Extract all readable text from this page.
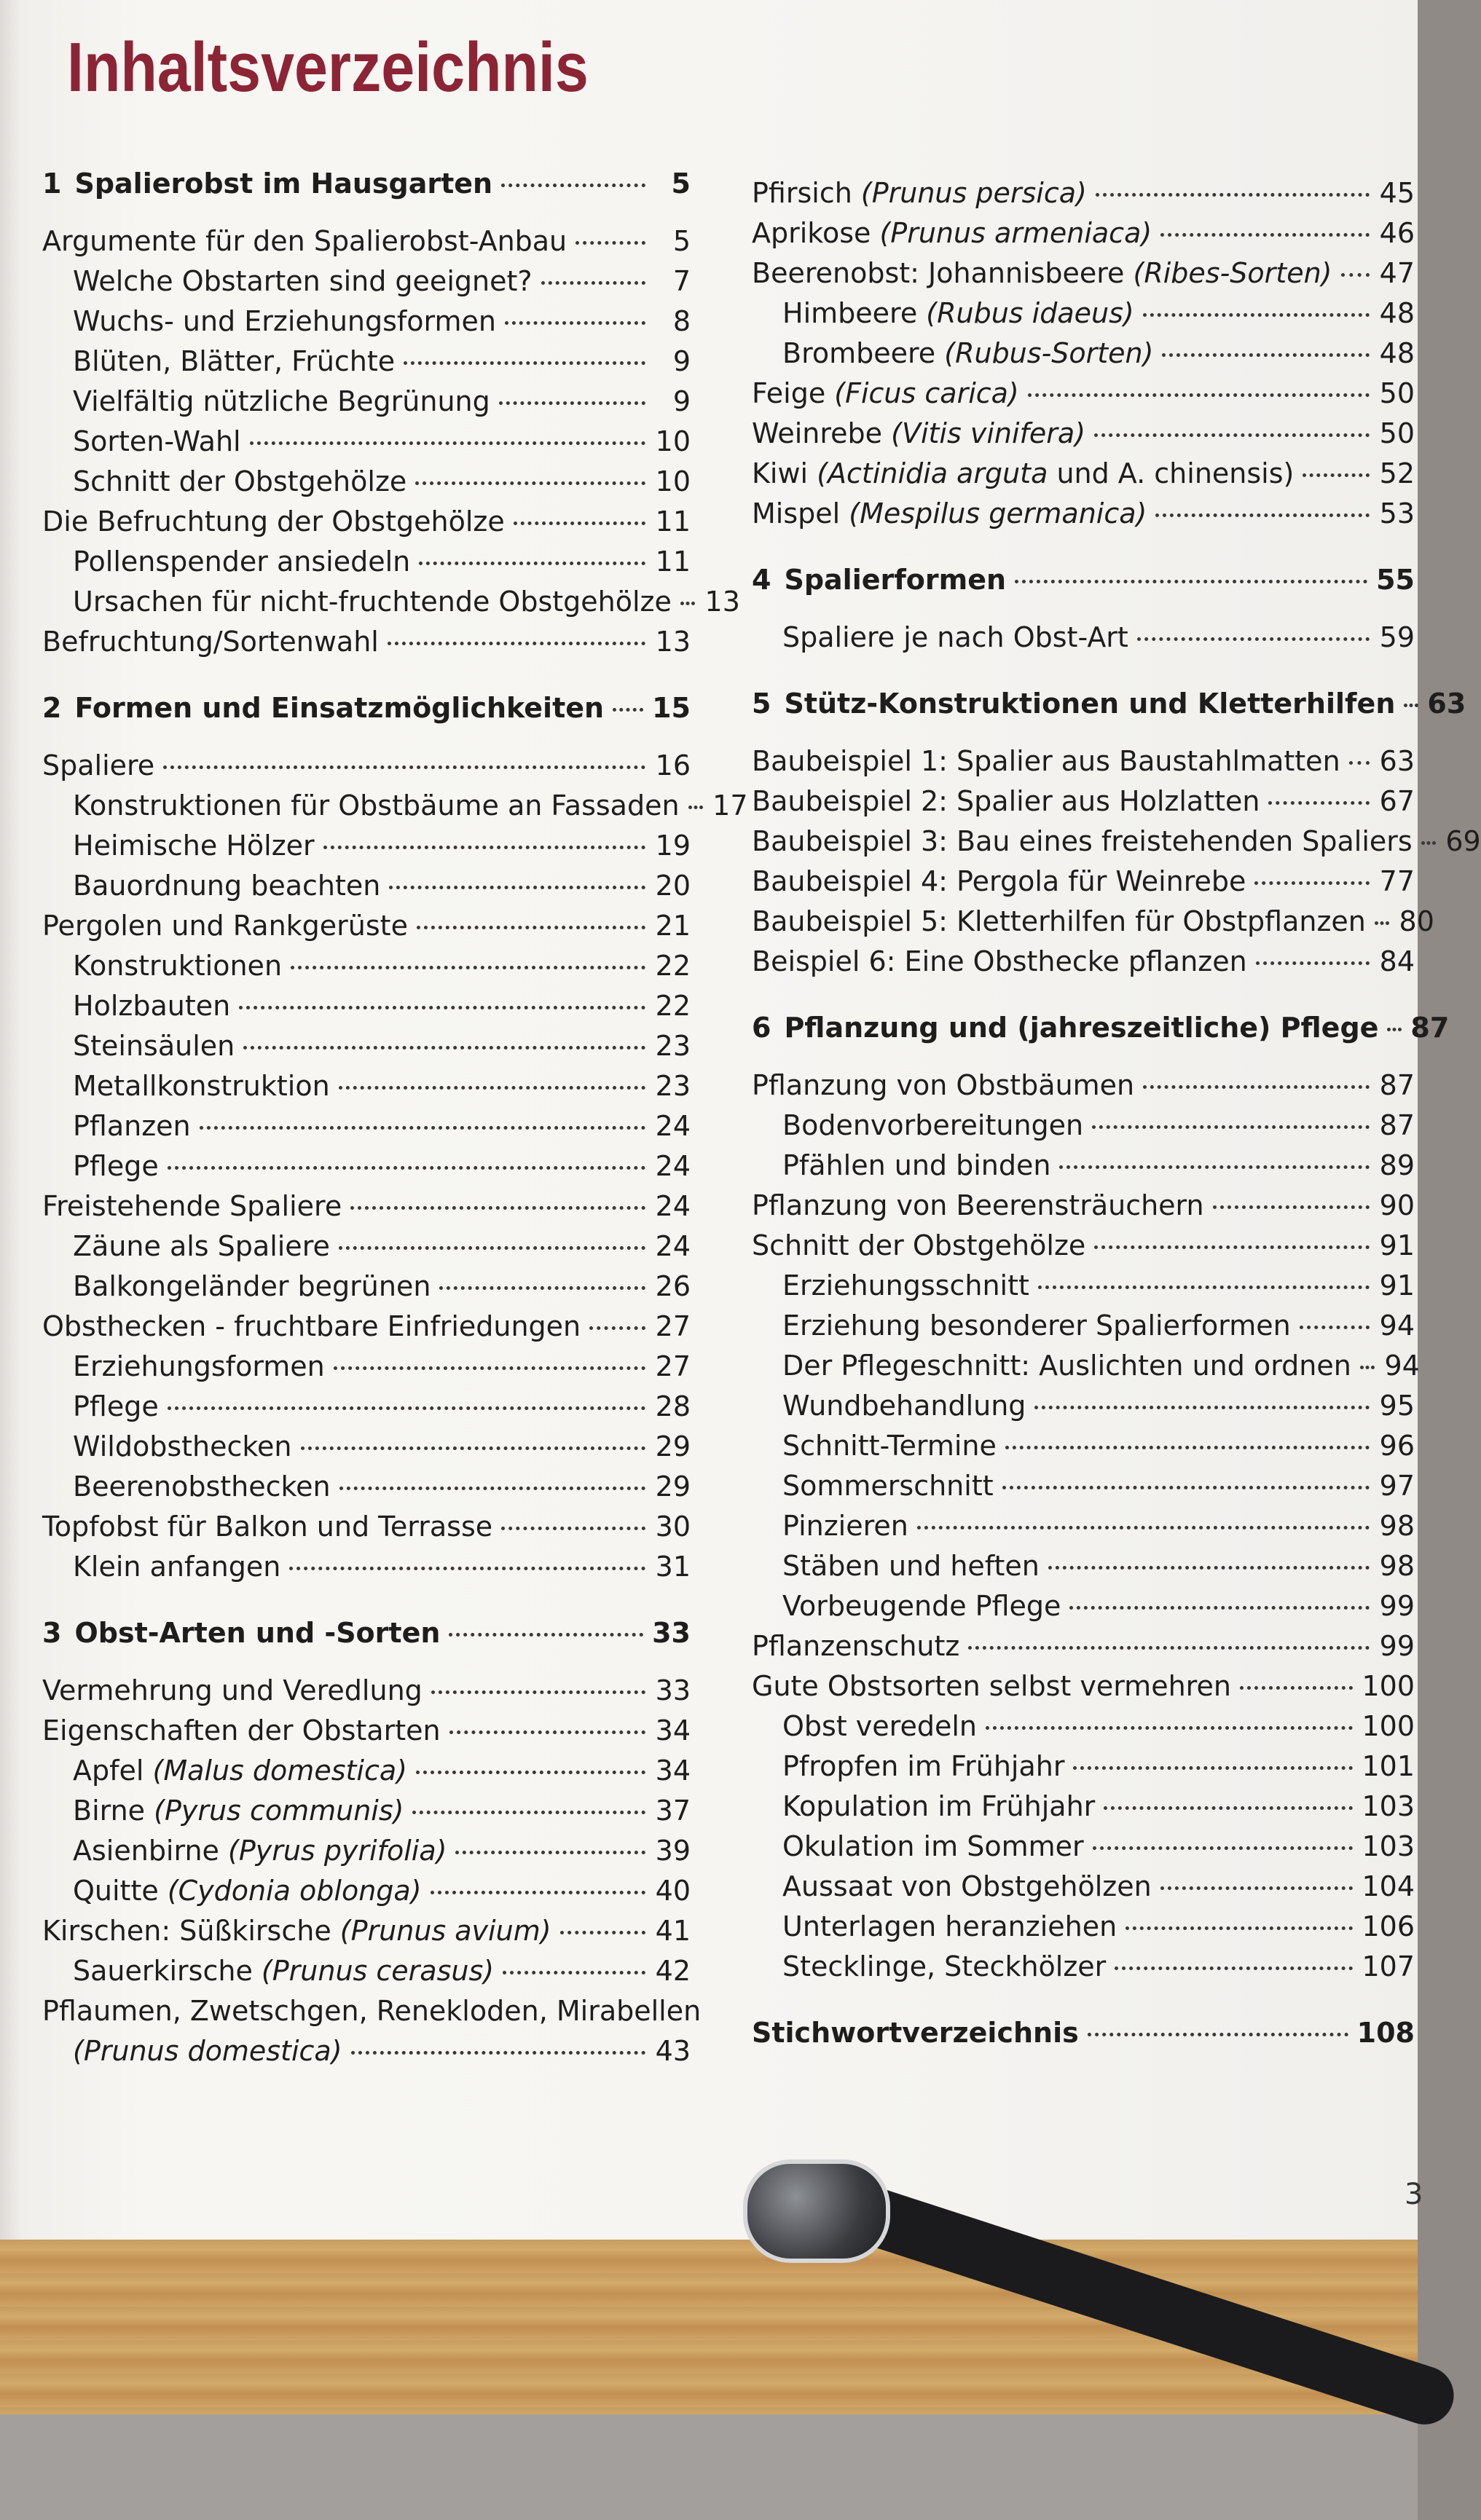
Inhaltsverzeichnis
1 Spalierobst im Hausgarten	5
Argumente für den Spalierobst-Anbau	5
Welche Obstarten sind geeignet?	7
Wuchs- und Erziehungsformen	8
Blüten, Blätter, Früchte	9
Vielfältig nützliche Begrünung	9
Sorten-Wahl	10
Schnitt der Obstgehölze	10
Die Befruchtung der Obstgehölze	11
Pollenspender ansiedeln	11
Ursachen für nicht-fruchtende Obstgehölze 13
Befruchtung/Sortenwahl	13
2 Formen und Einsatzmöglichkeiten 15
Spaliere	16
Konstruktionen für Obstbäume an Fassaden 17
Heimische Hölzer	19
Bauordnung beachten	20
Pergolen und Rankgerüste	21
Konstruktionen	22
Holzbauten	22
Steinsäulen	23
Metallkonstruktion	23
Pflanzen	24
Pflege	24
Freistehende Spaliere	24
Zäune als Spaliere	24
Balkongeländer begrünen	26
Obsthecken - fruchtbare Einfriedungen	27
Erziehungsformen	27
Pflege	28
Wildobsthecken	29
Beerenobsthecken	29
Topfobst für Balkon und Terrasse	30
Klein anfangen	31
3 Obst-Arten und -Sorten	33
Vermehrung und Veredlung	33
Eigenschaften der Obstarten	34
Apfel (Malus domestica)	34
Birne (Pyrus communis)	37
Asienbirne (Pyrus pyrifolia)	39
Quitte (Cydonia oblonga)	40
Kirschen: Süßkirsche (Prunus avium)	41
Sauerkirsche (Prunus cerasus)	42
Pflaumen, Zwetschgen, Renekloden, Mirabellen
(Prunus domestica)	43
Pfirsich (Prunus persica)	45
Aprikose (Prunus armeniaca)	46
Beerenobst: Johannisbeere (Ribes-Sorten) 47
Himbeere (Rubus idaeus)	48
Brombeere (Rubus-Sorten)	48
Feige (Ficus carica)	50
Weinrebe (Vitis vinifera)	50
Kiwi (Actinidia arguta und A. chinensis)	52
Mispel (Mespilus germanica)	53
4 Spalierformen	55
Spaliere je nach Obst-Art	59
5 Stütz-Konstruktionen und Kletterhilfen 63
Baubeispiel 1: Spalier aus Baustahlmatten 63
Baubeispiel 2: Spalier aus Holzlatten	67
Baubeispiel 3: Bau eines freistehenden Spaliers 69
Baubeispiel 4: Pergola für Weinrebe	77
Baubeispiel 5: Kletterhilfen für Obstpflanzen 80
Beispiel 6: Eine Obsthecke pflanzen	84
6 Pflanzung und (jahreszeitliche) Pflege 87
Pflanzung von Obstbäumen	87
Bodenvorbereitungen	87
Pfählen und binden	89
Pflanzung von Beerensträuchern	90
Schnitt der Obstgehölze	91
Erziehungsschnitt	91
Erziehung besonderer Spalierformen	94
Der Pflegeschnitt: Auslichten und ordnen 94
Wundbehandlung	95
Schnitt-Termine	96
Sommerschnitt	97
Pinzieren	98
Stäben und heften	98
Vorbeugende Pflege	99
Pflanzenschutz	99
Gute Obstsorten selbst vermehren	100
Obst veredeln	100
Pfropfen im Frühjahr	101
Kopulation im Frühjahr	103
Okulation im Sommer	103
Aussaat von Obstgehölzen	104
Unterlagen heranziehen	106
Stecklinge, Steckhölzer	107
Stichwortverzeichnis	108
3
